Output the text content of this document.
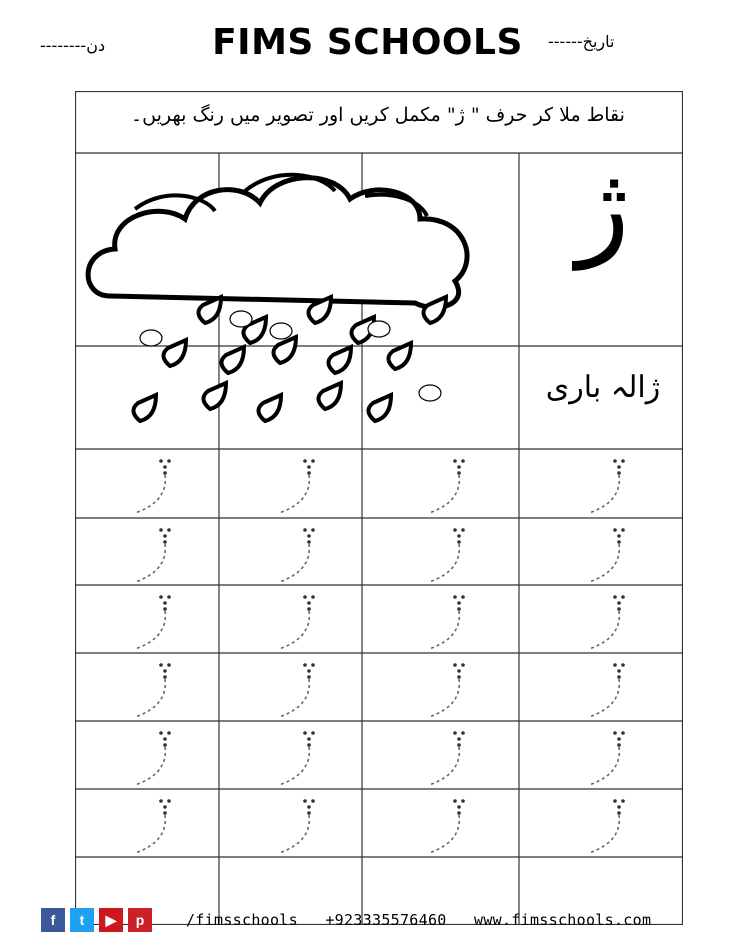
دن--------	FIMS SCHOOLS	تاریخ------
نقاط ملا کر حرف " ژ" مکمل کریں اور تصویر میں رنگ بھریں۔
ژ
ژالہ باری
f	t	▶	p	/fimsschools +923335576460 www.fimsschools.com
